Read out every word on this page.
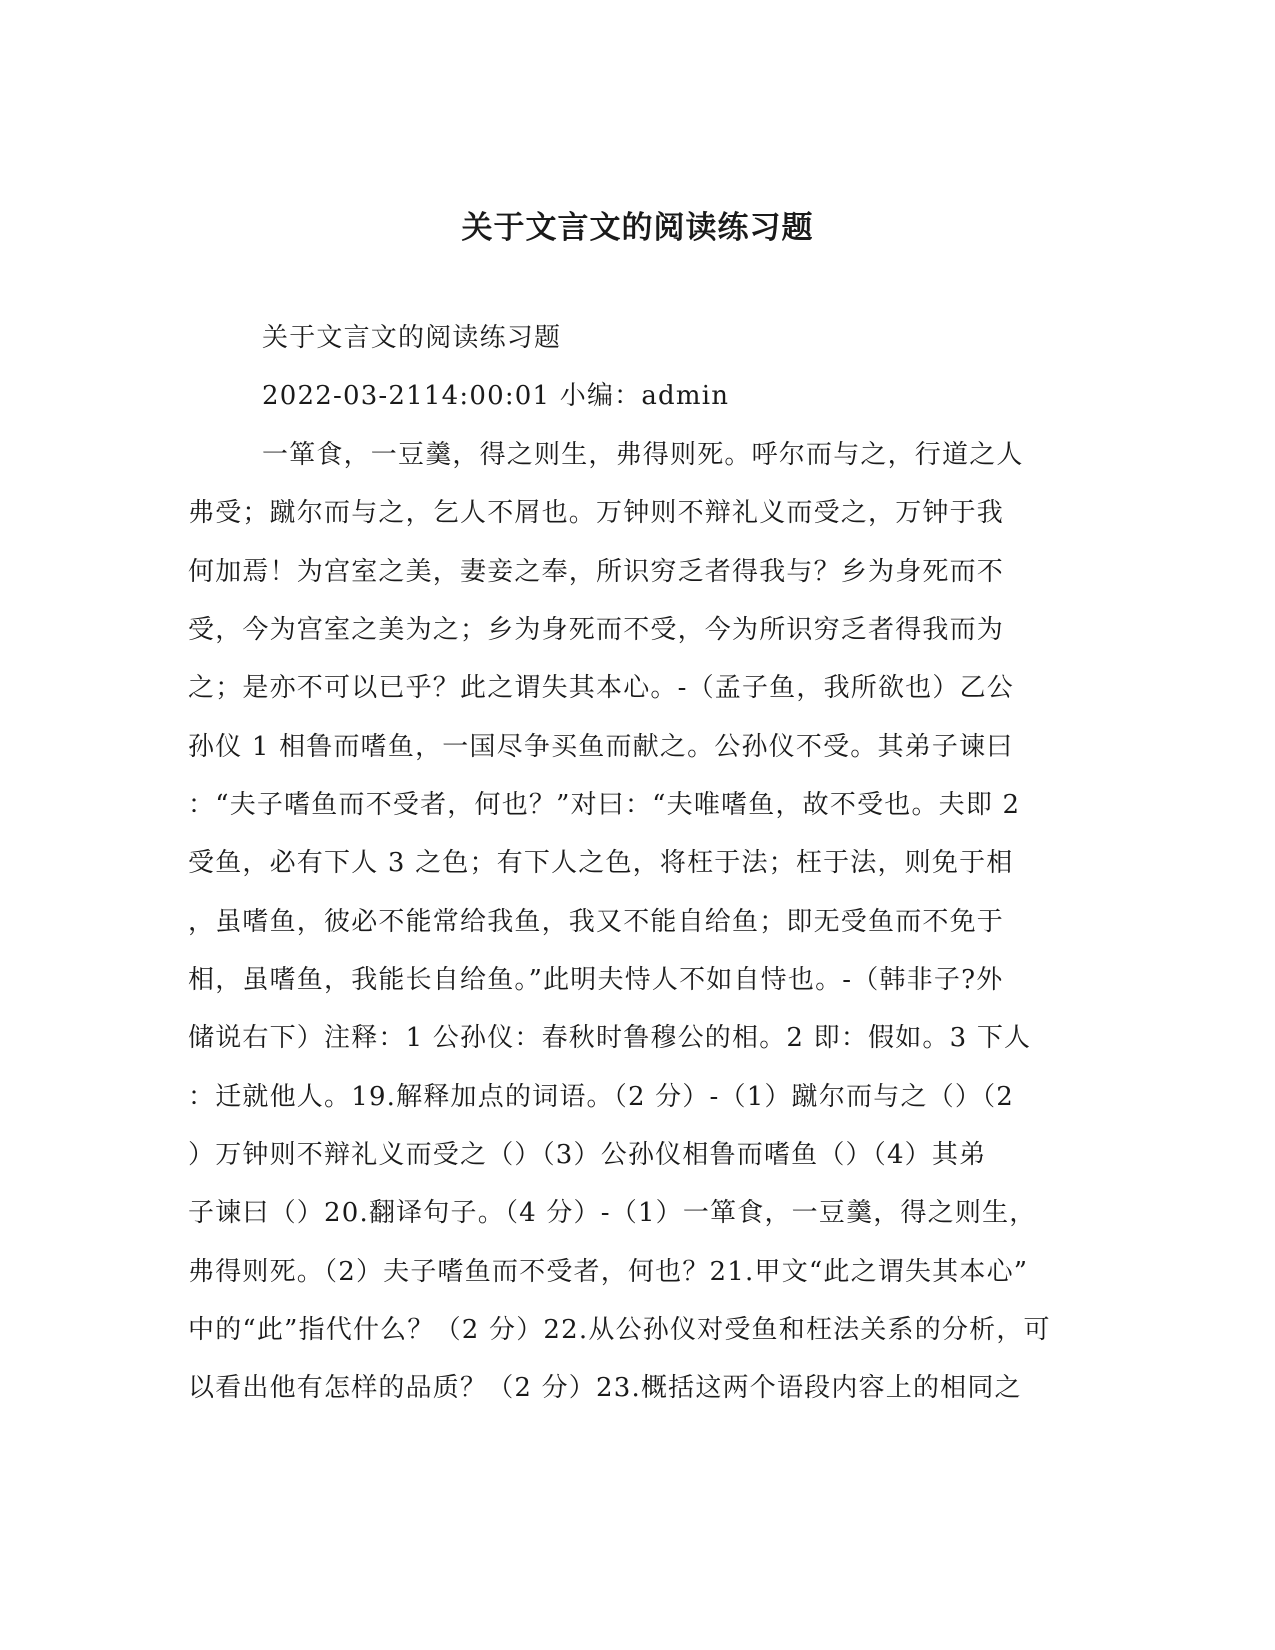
关于文言文的阅读练习题
关于文言文的阅读练习题
2022-03-2114:00:01 小编：admin
一箪食，一豆羹，得之则生，弗得则死。呼尔而与之，行道之人
弗受；蹴尔而与之，乞人不屑也。万钟则不辩礼义而受之，万钟于我
何加焉！为宫室之美，妻妾之奉，所识穷乏者得我与？乡为身死而不
受，今为宫室之美为之；乡为身死而不受，今为所识穷乏者得我而为
之；是亦不可以已乎？此之谓失其本心。-（孟子鱼，我所欲也）乙公
孙仪 1 相鲁而嗜鱼，一国尽争买鱼而献之。公孙仪不受。其弟子谏曰
：“夫子嗜鱼而不受者，何也？”对曰：“夫唯嗜鱼，故不受也。夫即 2
受鱼，必有下人 3 之色；有下人之色，将枉于法；枉于法，则免于相
，虽嗜鱼，彼必不能常给我鱼，我又不能自给鱼；即无受鱼而不免于
相，虽嗜鱼，我能长自给鱼。”此明夫恃人不如自恃也。-（韩非子?外
储说右下）注释：1 公孙仪：春秋时鲁穆公的相。2 即：假如。3 下人
：迁就他人。19.解释加点的词语。（2 分）-（1）蹴尔而与之（）（2
）万钟则不辩礼义而受之（）（3）公孙仪相鲁而嗜鱼（）（4）其弟
子谏曰（）20.翻译句子。（4 分）-（1）一箪食，一豆羹，得之则生，
弗得则死。（2）夫子嗜鱼而不受者，何也？21.甲文“此之谓失其本心”
中的“此”指代什么？（2 分）22.从公孙仪对受鱼和枉法关系的分析，可
以看出他有怎样的品质？（2 分）23.概括这两个语段内容上的相同之
